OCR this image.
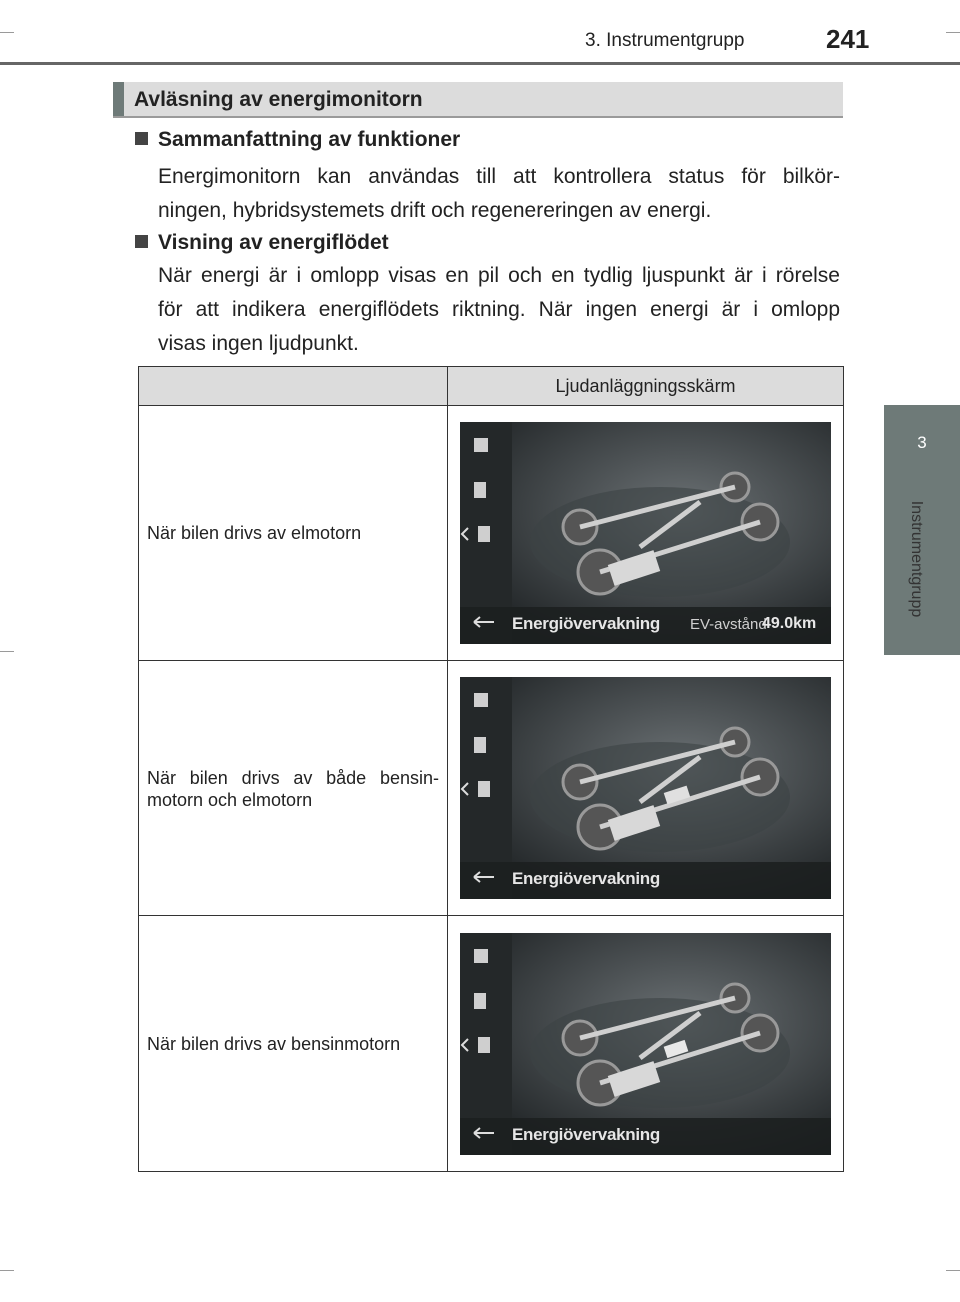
3. Instrumentgrupp	241
3
Instrumentgrupp
Avläsning av energimonitorn
Sammanfattning av funktioner
Energimonitorn kan användas till att kontrollera status för bilkör-
ningen, hybridsystemets drift och regenereringen av energi.
Visning av energiflödet
När energi är i omlopp visas en pil och en tydlig ljuspunkt är i rörelse
för att indikera energiflödets riktning. När ingen energi är i omlopp
visas ingen ljudpunkt.
Ljudanläggningsskärm
När bilen drivs av elmotorn
Energiövervakning EV-avstånd
49.0km
När bilen drivs av både bensin-
motorn och elmotorn
Energiövervakning
När bilen drivs av bensinmotorn
Energiövervakning
